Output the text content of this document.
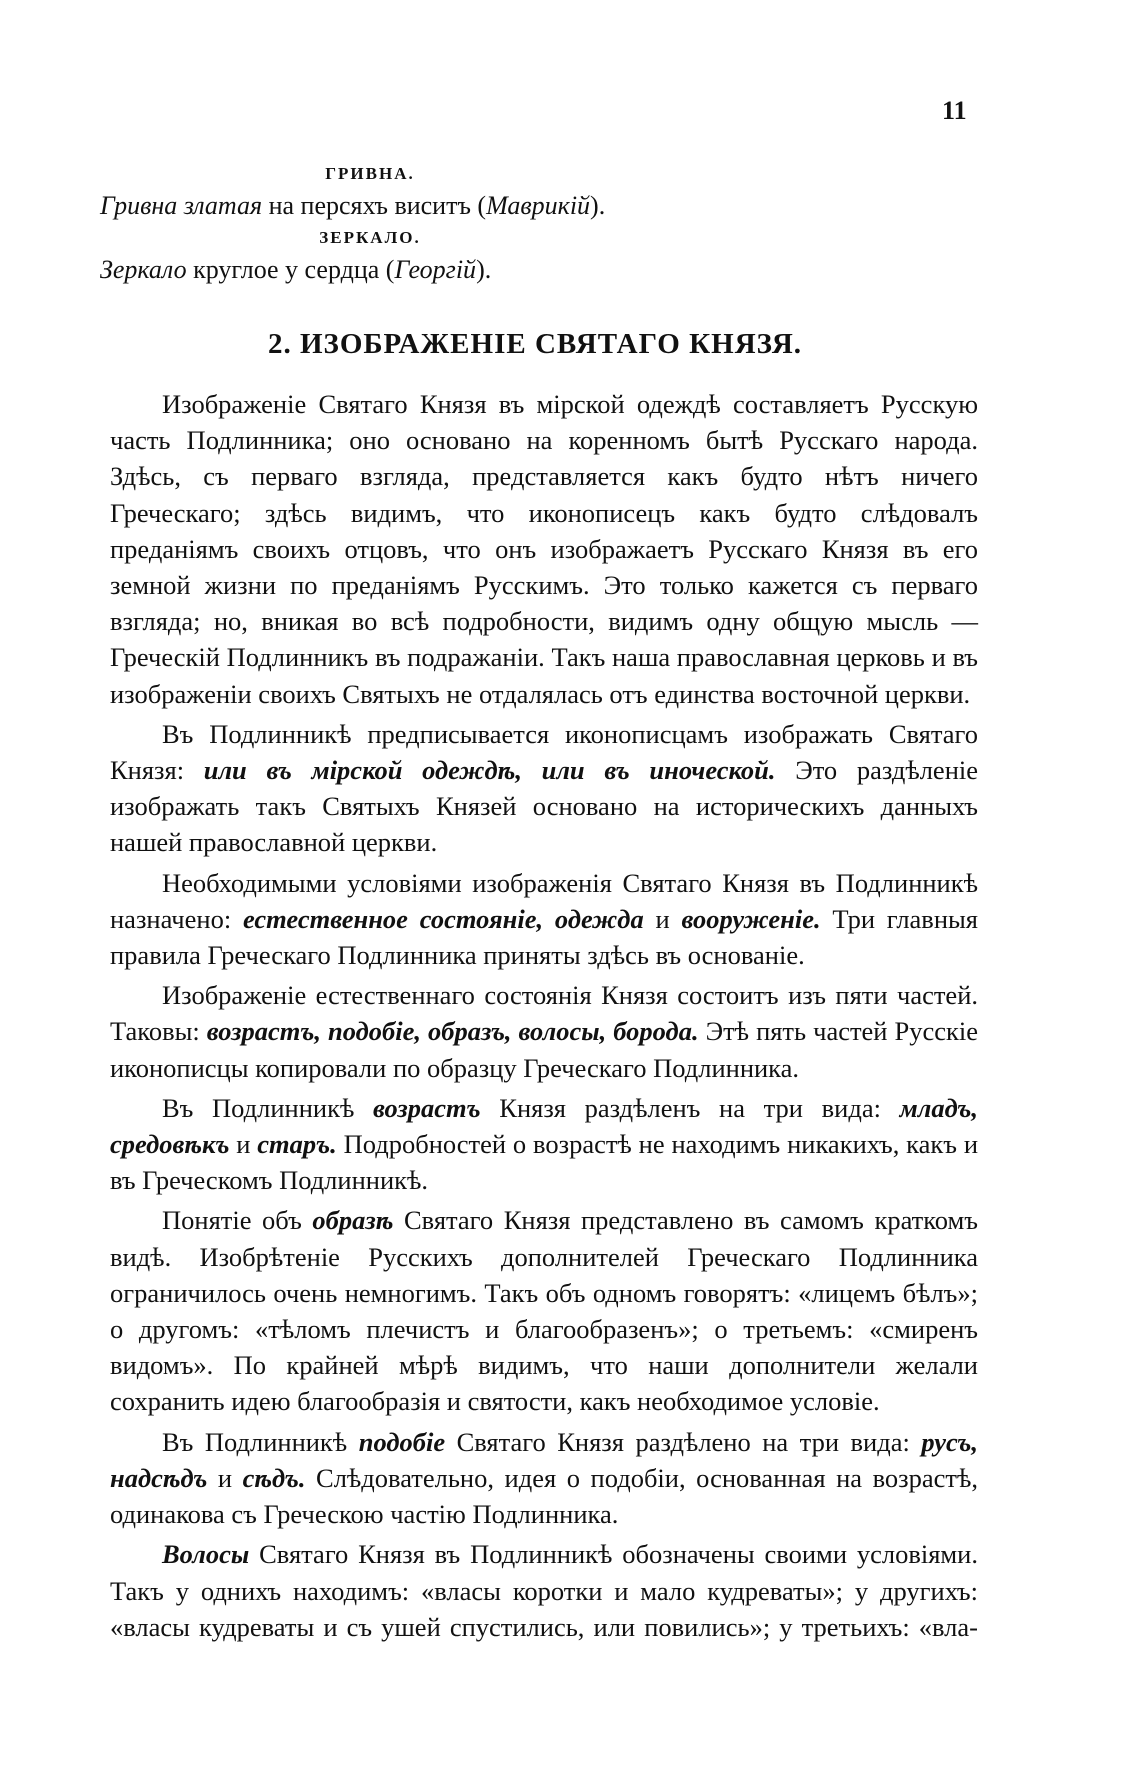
11
ГРИВНА.
Гривна златая на персяхъ виситъ (Маврикій).
ЗЕРКАЛО.
Зеркало круглое у сердца (Георгій).
2. ИЗОБРАЖЕНІЕ СВЯТАГО КНЯЗЯ.

Изображеніе Святаго Князя въ мірской одеждѣ составляетъ Русскую часть Подлинника; оно основано на коренномъ бытѣ Русскаго народа. Здѣсь, съ перваго взгляда, представляется какъ будто нѣтъ ничего Греческаго; здѣсь видимъ, что иконописецъ какъ будто слѣдовалъ преданіямъ своихъ отцовъ, что онъ изображаетъ Русскаго Князя въ его земной жизни по преданіямъ Русскимъ. Это только кажется съ перваго взгляда; но, вникая во всѣ подробности, видимъ одну общую мысль — Греческій Подлинникъ въ подражаніи. Такъ наша православная церковь и въ изображеніи своихъ Святыхъ не отдалялась отъ единства восточной церкви.

Въ Подлинникѣ предписывается иконописцамъ изображать Святаго Князя: или въ мірской одеждѣ, или въ иноческой. Это раздѣленіе изображать такъ Святыхъ Князей основано на историческихъ данныхъ нашей православной церкви.

Необходимыми условіями изображенія Святаго Князя въ Подлинникѣ назначено: естественное состояніе, одежда и вооруженіе. Три главныя правила Греческаго Подлинника приняты здѣсь въ основаніе.

Изображеніе естественнаго состоянія Князя состоитъ изъ пяти частей. Таковы: возрастъ, подобіе, образъ, волосы, борода. Этѣ пять частей Русскіе иконописцы копировали по образцу Греческаго Подлинника.

Въ Подлинникѣ возрастъ Князя раздѣленъ на три вида: младъ, средовѣкъ и старъ. Подробностей о возрастѣ не находимъ никакихъ, какъ и въ Греческомъ Подлинникѣ.

Понятіе объ образѣ Святаго Князя представлено въ самомъ краткомъ видѣ. Изобрѣтеніе Русскихъ дополнителей Греческаго Подлинника ограничилось очень немногимъ. Такъ объ одномъ говорятъ: «лицемъ бѣлъ»; о другомъ: «тѣломъ плечистъ и благообразенъ»; о третьемъ: «смиренъ видомъ». По крайней мѣрѣ видимъ, что наши дополнители желали сохранить идею благообразія и святости, какъ необходимое условіе.

Въ Подлинникѣ подобіе Святаго Князя раздѣлено на три вида: русъ, надсѣдъ и сѣдъ. Слѣдовательно, идея о подобіи, основанная на возрастѣ, одинакова съ Греческою частію Подлинника.

Волосы Святаго Князя въ Подлинникѣ обозначены своими условіями. Такъ у однихъ находимъ: «власы коротки и мало кудреваты»; у другихъ: «власы кудреваты и съ ушей спустились, или повились»; у третьихъ: «вла-
